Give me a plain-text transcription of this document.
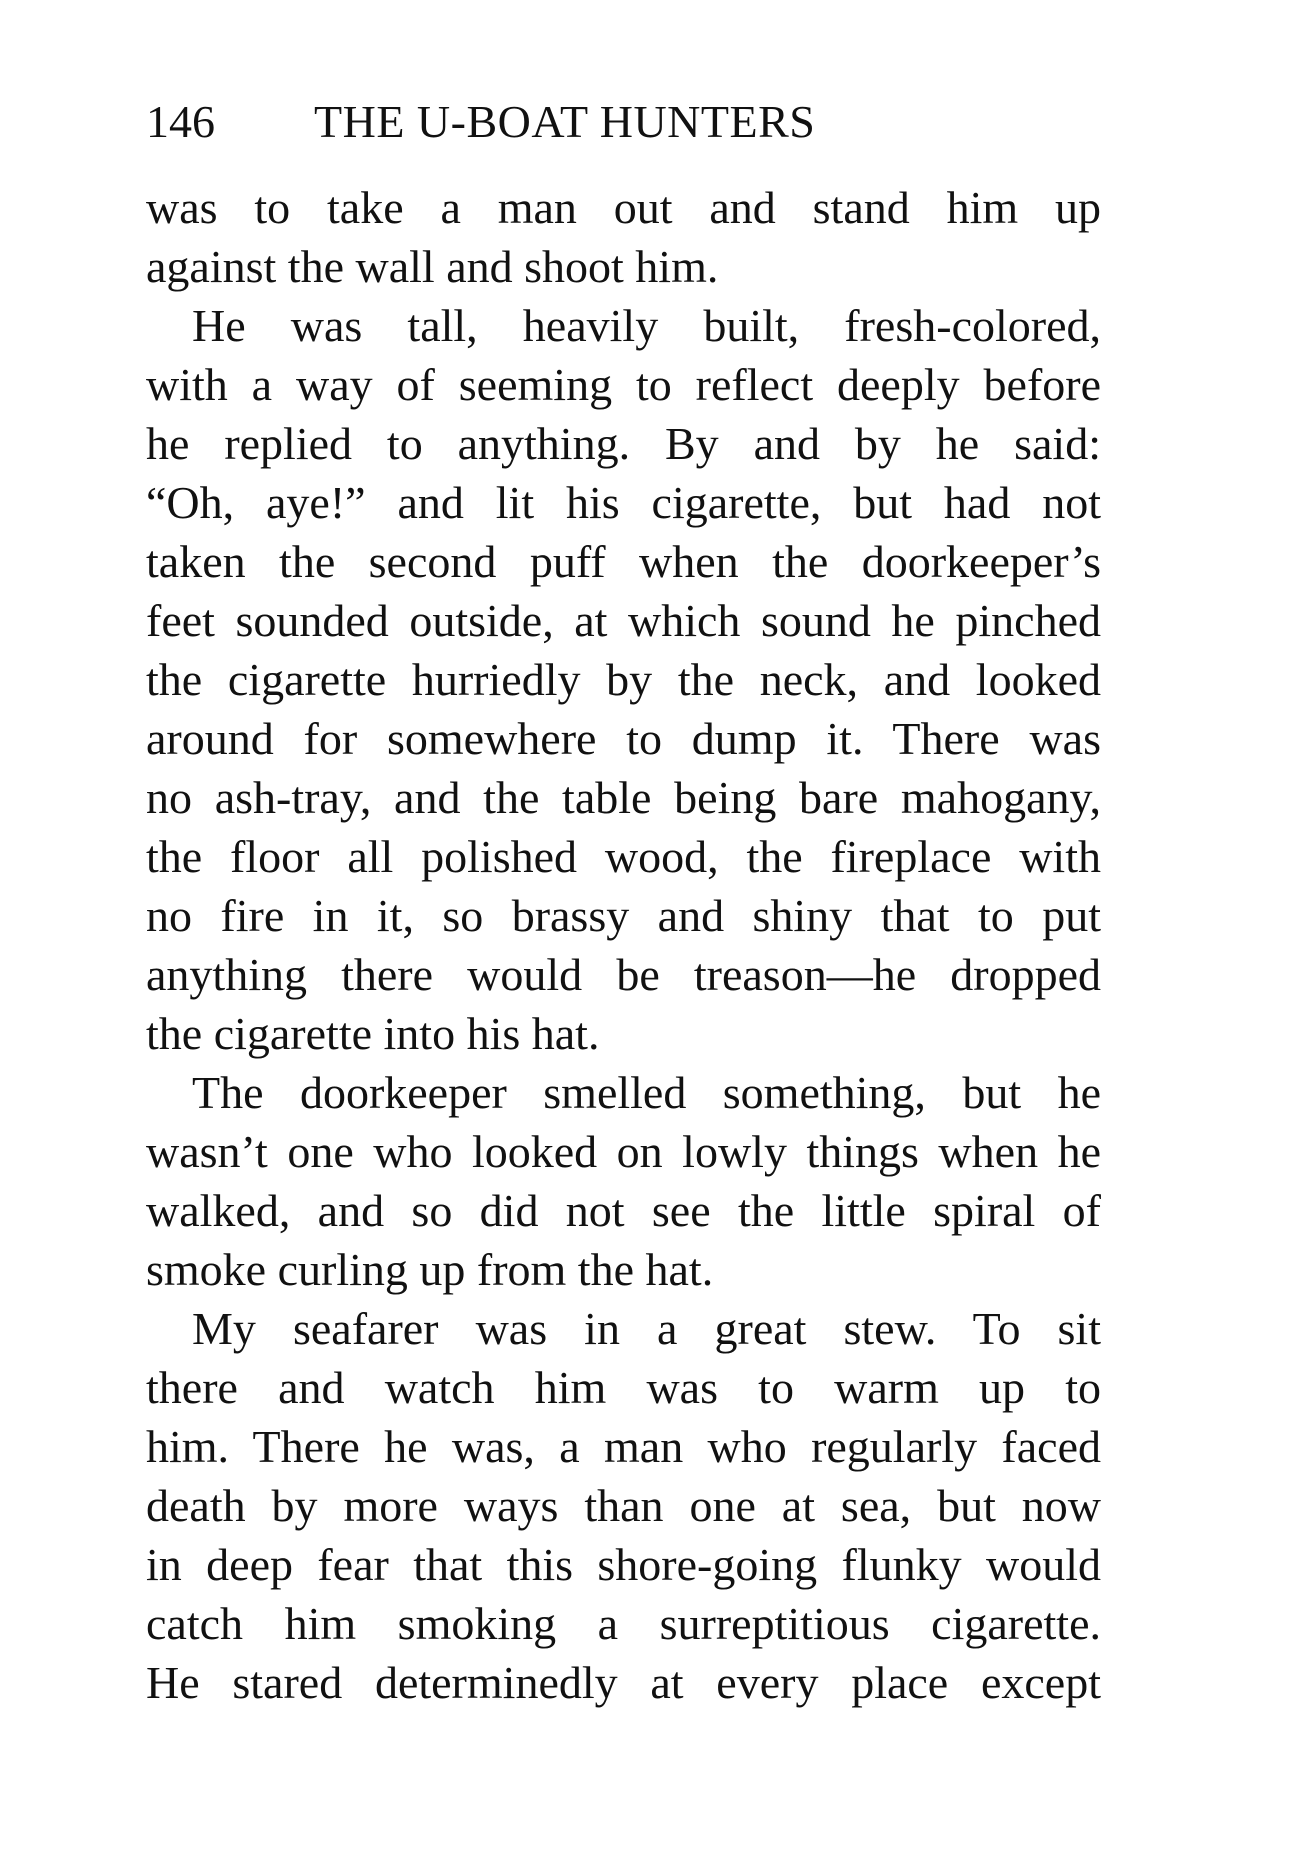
146 THE U-BOAT HUNTERS
was to take a man out and stand him up
against the wall and shoot him.
He was tall, heavily built, fresh-colored,
with a way of seeming to reflect deeply before
he replied to anything. By and by he said:
“Oh, aye!” and lit his cigarette, but had not
taken the second puff when the doorkeeper’s
feet sounded outside, at which sound he pinched
the cigarette hurriedly by the neck, and looked
around for somewhere to dump it. There was
no ash-tray, and the table being bare mahogany,
the floor all polished wood, the fireplace with
no fire in it, so brassy and shiny that to put
anything there would be treason—he dropped
the cigarette into his hat.
The doorkeeper smelled something, but he
wasn’t one who looked on lowly things when he
walked, and so did not see the little spiral of
smoke curling up from the hat.
My seafarer was in a great stew. To sit
there and watch him was to warm up to
him. There he was, a man who regularly faced
death by more ways than one at sea, but now
in deep fear that this shore-going flunky would
catch him smoking a surreptitious cigarette.
He stared determinedly at every place except
